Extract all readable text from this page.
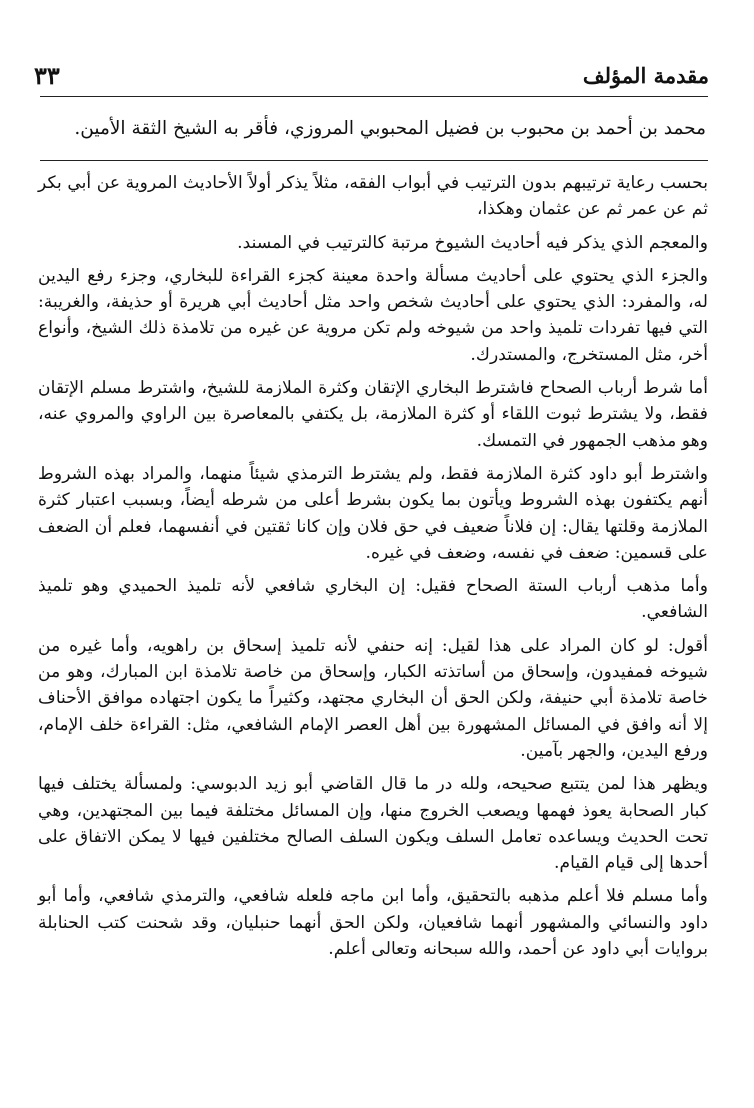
مقدمة المؤلف
٣٣
محمد بن أحمد بن محبوب بن فضيل المحبوبي المروزي، فأقر به الشيخ الثقة الأمين.

بحسب رعاية ترتيبهم بدون الترتيب في أبواب الفقه، مثلاً يذكر أولاً الأحاديث المروية عن أبي بكر ثم عن عمر ثم عن عثمان وهكذا،

والمعجم الذي يذكر فيه أحاديث الشيوخ مرتبة كالترتيب في المسند.

والجزء الذي يحتوي على أحاديث مسألة واحدة معينة كجزء القراءة للبخاري، وجزء رفع اليدين له، والمفرد: الذي يحتوي على أحاديث شخص واحد مثل أحاديث أبي هريرة أو حذيفة، والغريبة: التي فيها تفردات تلميذ واحد من شيوخه ولم تكن مروية عن غيره من تلامذة ذلك الشيخ، وأنواع أخر، مثل المستخرج، والمستدرك.

أما شرط أرباب الصحاح فاشترط البخاري الإتقان وكثرة الملازمة للشيخ، واشترط مسلم الإتقان فقط، ولا يشترط ثبوت اللقاء أو كثرة الملازمة، بل يكتفي بالمعاصرة بين الراوي والمروي عنه، وهو مذهب الجمهور في التمسك.

واشترط أبو داود كثرة الملازمة فقط، ولم يشترط الترمذي شيئاً منهما، والمراد بهذه الشروط أنهم يكتفون بهذه الشروط ويأتون بما يكون بشرط أعلى من شرطه أيضاً، وبسبب اعتبار كثرة الملازمة وقلتها يقال: إن فلاناً ضعيف في حق فلان وإن كانا ثقتين في أنفسهما، فعلم أن الضعف على قسمين: ضعف في نفسه، وضعف في غيره.

وأما مذهب أرباب الستة الصحاح فقيل: إن البخاري شافعي لأنه تلميذ الحميدي وهو تلميذ الشافعي.

أقول: لو كان المراد على هذا لقيل: إنه حنفي لأنه تلميذ إسحاق بن راهويه، وأما غيره من شيوخه فمفيدون، وإسحاق من أساتذته الكبار، وإسحاق من خاصة تلامذة ابن المبارك، وهو من خاصة تلامذة أبي حنيفة، ولكن الحق أن البخاري مجتهد، وكثيراً ما يكون اجتهاده موافق الأحناف إلا أنه وافق في المسائل المشهورة بين أهل العصر الإمام الشافعي، مثل: القراءة خلف الإمام، ورفع اليدين، والجهر بآمين.

ويظهر هذا لمن يتتبع صحيحه، ولله در ما قال القاضي أبو زيد الدبوسي: ولمسألة يختلف فيها كبار الصحابة يعوذ فهمها ويصعب الخروج منها، وإن المسائل مختلفة فيما بين المجتهدين، وهي تحت الحديث ويساعده تعامل السلف ويكون السلف الصالح مختلفين فيها لا يمكن الاتفاق على أحدها إلى قيام القيام.

وأما مسلم فلا أعلم مذهبه بالتحقيق، وأما ابن ماجه فلعله شافعي، والترمذي شافعي، وأما أبو داود والنسائي والمشهور أنهما شافعيان، ولكن الحق أنهما حنبليان، وقد شحنت كتب الحنابلة بروايات أبي داود عن أحمد، والله سبحانه وتعالى أعلم.
